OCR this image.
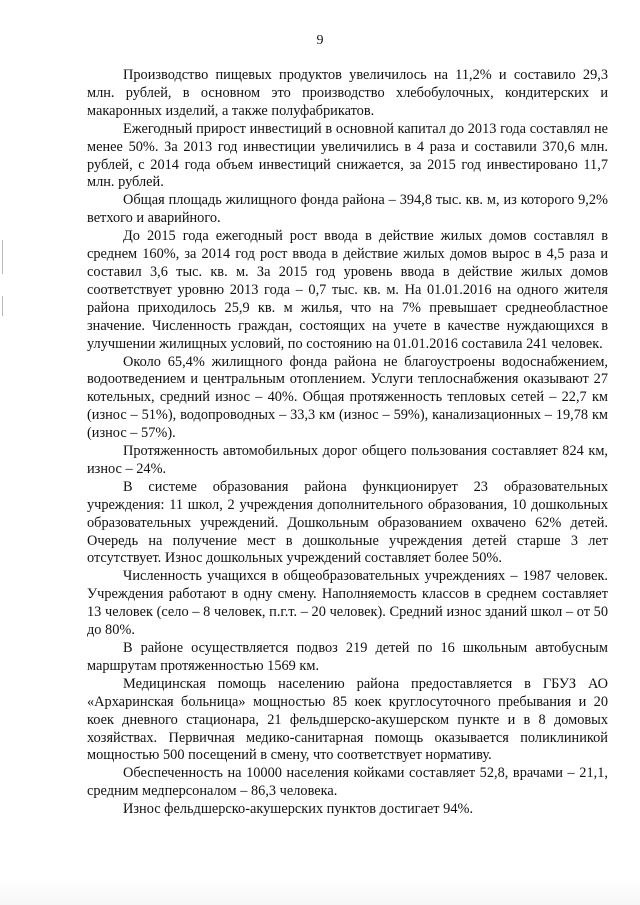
9

Производство пищевых продуктов увеличилось на 11,2% и составило 29,3 млн. рублей, в основном это производство хлебобулочных, кондитерских и макаронных изделий, а также полуфабрикатов.

Ежегодный прирост инвестиций в основной капитал до 2013 года составлял не менее 50%. За 2013 год инвестиции увеличились в 4 раза и составили 370,6 млн. рублей, с 2014 года объем инвестиций снижается, за 2015 год инвестировано 11,7 млн. рублей.

Общая площадь жилищного фонда района – 394,8 тыс. кв. м, из которого 9,2% ветхого и аварийного.

До 2015 года ежегодный рост ввода в действие жилых домов составлял в среднем 160%, за 2014 год рост ввода в действие жилых домов вырос в 4,5 раза и составил 3,6 тыс. кв. м. За 2015 год уровень ввода в действие жилых домов соответствует уровню 2013 года – 0,7 тыс. кв. м. На 01.01.2016 на одного жителя района приходилось 25,9 кв. м жилья, что на 7% превышает среднеобластное значение. Численность граждан, состоящих на учете в качестве нуждающихся в улучшении жилищных условий, по состоянию на 01.01.2016 составила 241 человек.

Около 65,4% жилищного фонда района не благоустроены водоснабжением, водоотведением и центральным отоплением. Услуги теплоснабжения оказывают 27 котельных, средний износ – 40%. Общая протяженность тепловых сетей – 22,7 км (износ – 51%), водопроводных – 33,3 км (износ – 59%), канализационных – 19,78 км (износ – 57%).

Протяженность автомобильных дорог общего пользования составляет 824 км, износ – 24%.

В системе образования района функционирует 23 образовательных учреждения: 11 школ, 2 учреждения дополнительного образования, 10 дошкольных образовательных учреждений. Дошкольным образованием охвачено 62% детей. Очередь на получение мест в дошкольные учреждения детей старше 3 лет отсутствует. Износ дошкольных учреждений составляет более 50%.

Численность учащихся в общеобразовательных учреждениях – 1987 человек. Учреждения работают в одну смену. Наполняемость классов в среднем составляет 13 человек (село – 8 человек, п.г.т. – 20 человек). Средний износ зданий школ – от 50 до 80%.

В районе осуществляется подвоз 219 детей по 16 школьным автобусным маршрутам протяженностью 1569 км.

Медицинская помощь населению района предоставляется в ГБУЗ АО «Архаринская больница» мощностью 85 коек круглосуточного пребывания и 20 коек дневного стационара, 21 фельдшерско-акушерском пункте и в 8 домовых хозяйствах. Первичная медико-санитарная помощь оказывается поликлиникой мощностью 500 посещений в смену, что соответствует нормативу.

Обеспеченность на 10000 населения койками составляет 52,8, врачами – 21,1, средним медперсоналом – 86,3 человека.

Износ фельдшерско-акушерских пунктов достигает 94%.
